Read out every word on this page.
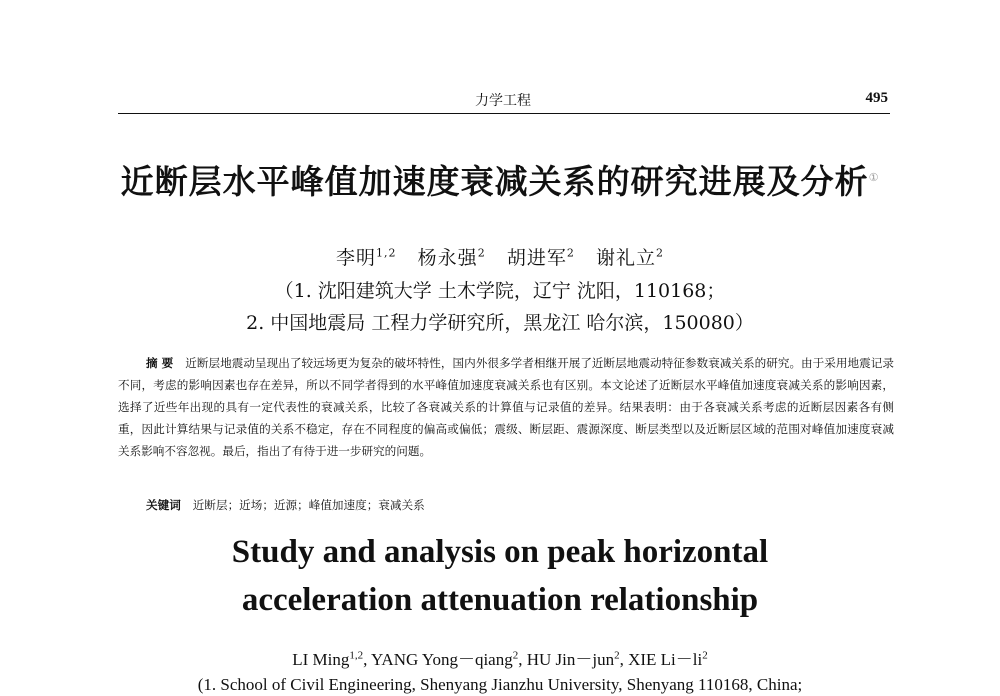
力学工程	495
近断层水平峰值加速度衰减关系的研究进展及分析①
李明$^{1,2}$ 杨永强$^2$ 胡进军$^2$ 谢礼立$^2$
（1. 沈阳建筑大学 土木学院，辽宁 沈阳，110168；
2. 中国地震局 工程力学研究所，黑龙江 哈尔滨，150080）
摘 要 近断层地震动呈现出了较远场更为复杂的破坏特性，国内外很多学者相继开展了近断层地震动特征参数衰减关系的研究。由于采用地震记录不同，考虑的影响因素也存在差异，所以不同学者得到的水平峰值加速度衰减关系也有区别。本文论述了近断层水平峰值加速度衰减关系的影响因素，选择了近些年出现的具有一定代表性的衰减关系，比较了各衰减关系的计算值与记录值的差异。结果表明：由于各衰减关系考虑的近断层因素各有侧重，因此计算结果与记录值的关系不稳定，存在不同程度的偏高或偏低；震级、断层距、震源深度、断层类型以及近断层区域的范围对峰值加速度衰减关系影响不容忽视。最后，指出了有待于进一步研究的问题。
关键词 近断层；近场；近源；峰值加速度；衰减关系
Study and analysis on peak horizontal
acceleration attenuation relationship
LI Ming$^{1,2}$, YANG Yong－qiang$^2$, HU Jin－jun$^2$, XIE $Li-li^2$
(1. School of Civil Engineering, Shenyang Jianzhu University, Shenyang 110168, China;
